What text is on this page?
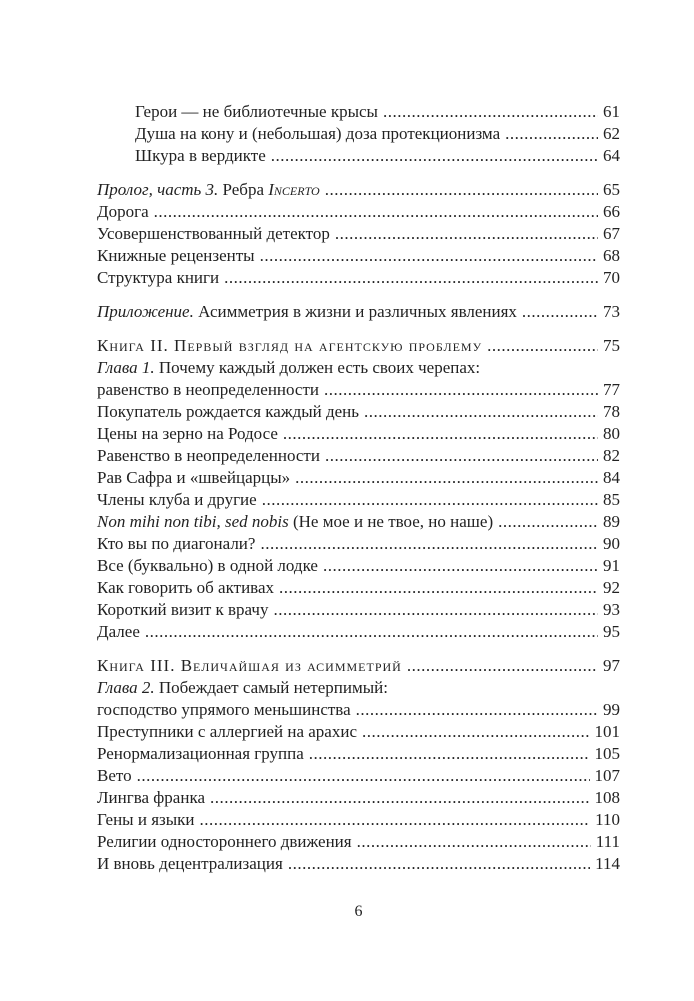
Герои — не библиотечные крысы .....	61
Душа на кону и (небольшая) доза протекционизма .....	62
Шкура в вердикте .....	64
Пролог, часть 3. Ребра Incerto .....	65
Дорога .....	66
Усовершенствованный детектор .....	67
Книжные рецензенты .....	68
Структура книги .....	70
Приложение. Асимметрия в жизни и различных явлениях .....	73
Книга II. Первый взгляд на агентскую проблему .....	75
Глава 1. Почему каждый должен есть своих черепах:
равенство в неопределенности .....	77
Покупатель рождается каждый день .....	78
Цены на зерно на Родосе .....	80
Равенство в неопределенности .....	82
Рав Сафра и «швейцарцы» .....	84
Члены клуба и другие .....	85
Non mihi non tibi, sed nobis (Не мое и не твое, но наше) .....	89
Кто вы по диагонали? .....	90
Все (буквально) в одной лодке .....	91
Как говорить об активах .....	92
Короткий визит к врачу .....	93
Далее .....	95
Книга III. Величайшая из асимметрий .....	97
Глава 2. Побеждает самый нетерпимый:
господство упрямого меньшинства .....	99
Преступники с аллергией на арахис .....	101
Ренормализационная группа .....	105
Вето .....	107
Лингва франка .....	108
Гены и языки .....	110
Религии одностороннего движения .....	111
И вновь децентрализация .....	114
6
